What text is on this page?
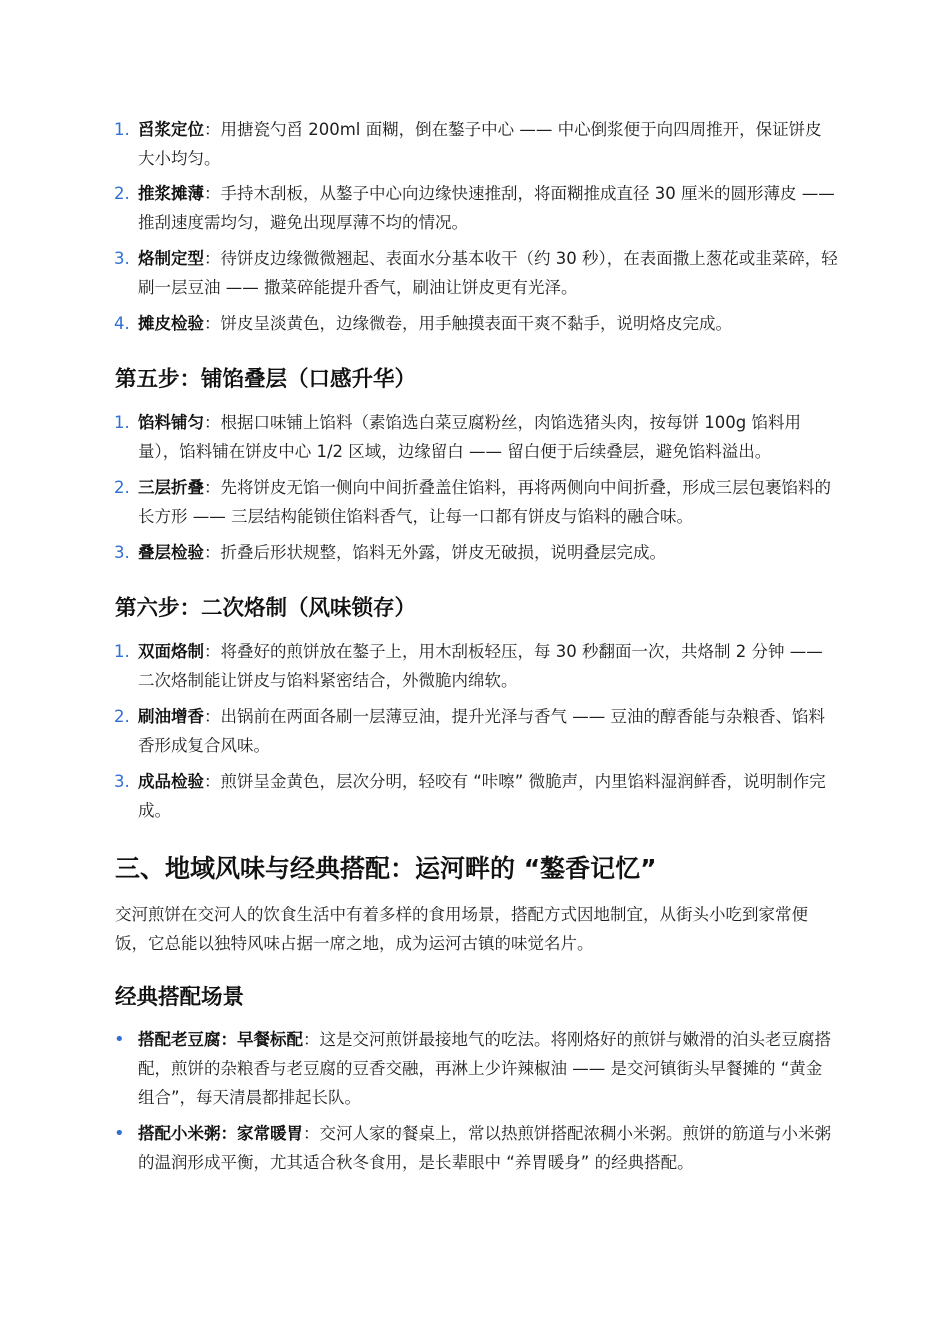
1. 舀浆定位：用搪瓷勺舀 200ml 面糊，倒在鏊子中心 —— 中心倒浆便于向四周推开，保证饼皮大小均匀。
2. 推浆摊薄：手持木刮板，从鏊子中心向边缘快速推刮，将面糊推成直径 30 厘米的圆形薄皮 —— 推刮速度需均匀，避免出现厚薄不均的情况。
3. 烙制定型：待饼皮边缘微微翘起、表面水分基本收干（约 30 秒），在表面撒上葱花或韭菜碎，轻刷一层豆油 —— 撒菜碎能提升香气，刷油让饼皮更有光泽。
4. 摊皮检验：饼皮呈淡黄色，边缘微卷，用手触摸表面干爽不黏手，说明烙皮完成。
第五步：铺馅叠层（口感升华）
1. 馅料铺匀：根据口味铺上馅料（素馅选白菜豆腐粉丝，肉馅选猪头肉，按每饼 100g 馅料用量），馅料铺在饼皮中心 1/2 区域，边缘留白 —— 留白便于后续叠层，避免馅料溢出。
2. 三层折叠：先将饼皮无馅一侧向中间折叠盖住馅料，再将两侧向中间折叠，形成三层包裹馅料的长方形 —— 三层结构能锁住馅料香气，让每一口都有饼皮与馅料的融合味。
3. 叠层检验：折叠后形状规整，馅料无外露，饼皮无破损，说明叠层完成。
第六步：二次烙制（风味锁存）
1. 双面烙制：将叠好的煎饼放在鏊子上，用木刮板轻压，每 30 秒翻面一次，共烙制 2 分钟 —— 二次烙制能让饼皮与馅料紧密结合，外微脆内绵软。
2. 刷油增香：出锅前在两面各刷一层薄豆油，提升光泽与香气 —— 豆油的醇香能与杂粮香、馅料香形成复合风味。
3. 成品检验：煎饼呈金黄色，层次分明，轻咬有 “咔嚓” 微脆声，内里馅料湿润鲜香，说明制作完成。
三、地域风味与经典搭配：运河畔的 “鏊香记忆”
交河煎饼在交河人的饮食生活中有着多样的食用场景，搭配方式因地制宜，从街头小吃到家常便饭，它总能以独特风味占据一席之地，成为运河古镇的味觉名片。
经典搭配场景
• 搭配老豆腐：早餐标配：这是交河煎饼最接地气的吃法。将刚烙好的煎饼与嫩滑的泊头老豆腐搭配，煎饼的杂粮香与老豆腐的豆香交融，再淋上少许辣椒油 —— 是交河镇街头早餐摊的 “黄金组合”，每天清晨都排起长队。
• 搭配小米粥：家常暖胃：交河人家的餐桌上，常以热煎饼搭配浓稠小米粥。煎饼的筋道与小米粥的温润形成平衡，尤其适合秋冬食用，是长辈眼中 “养胃暖身” 的经典搭配。
